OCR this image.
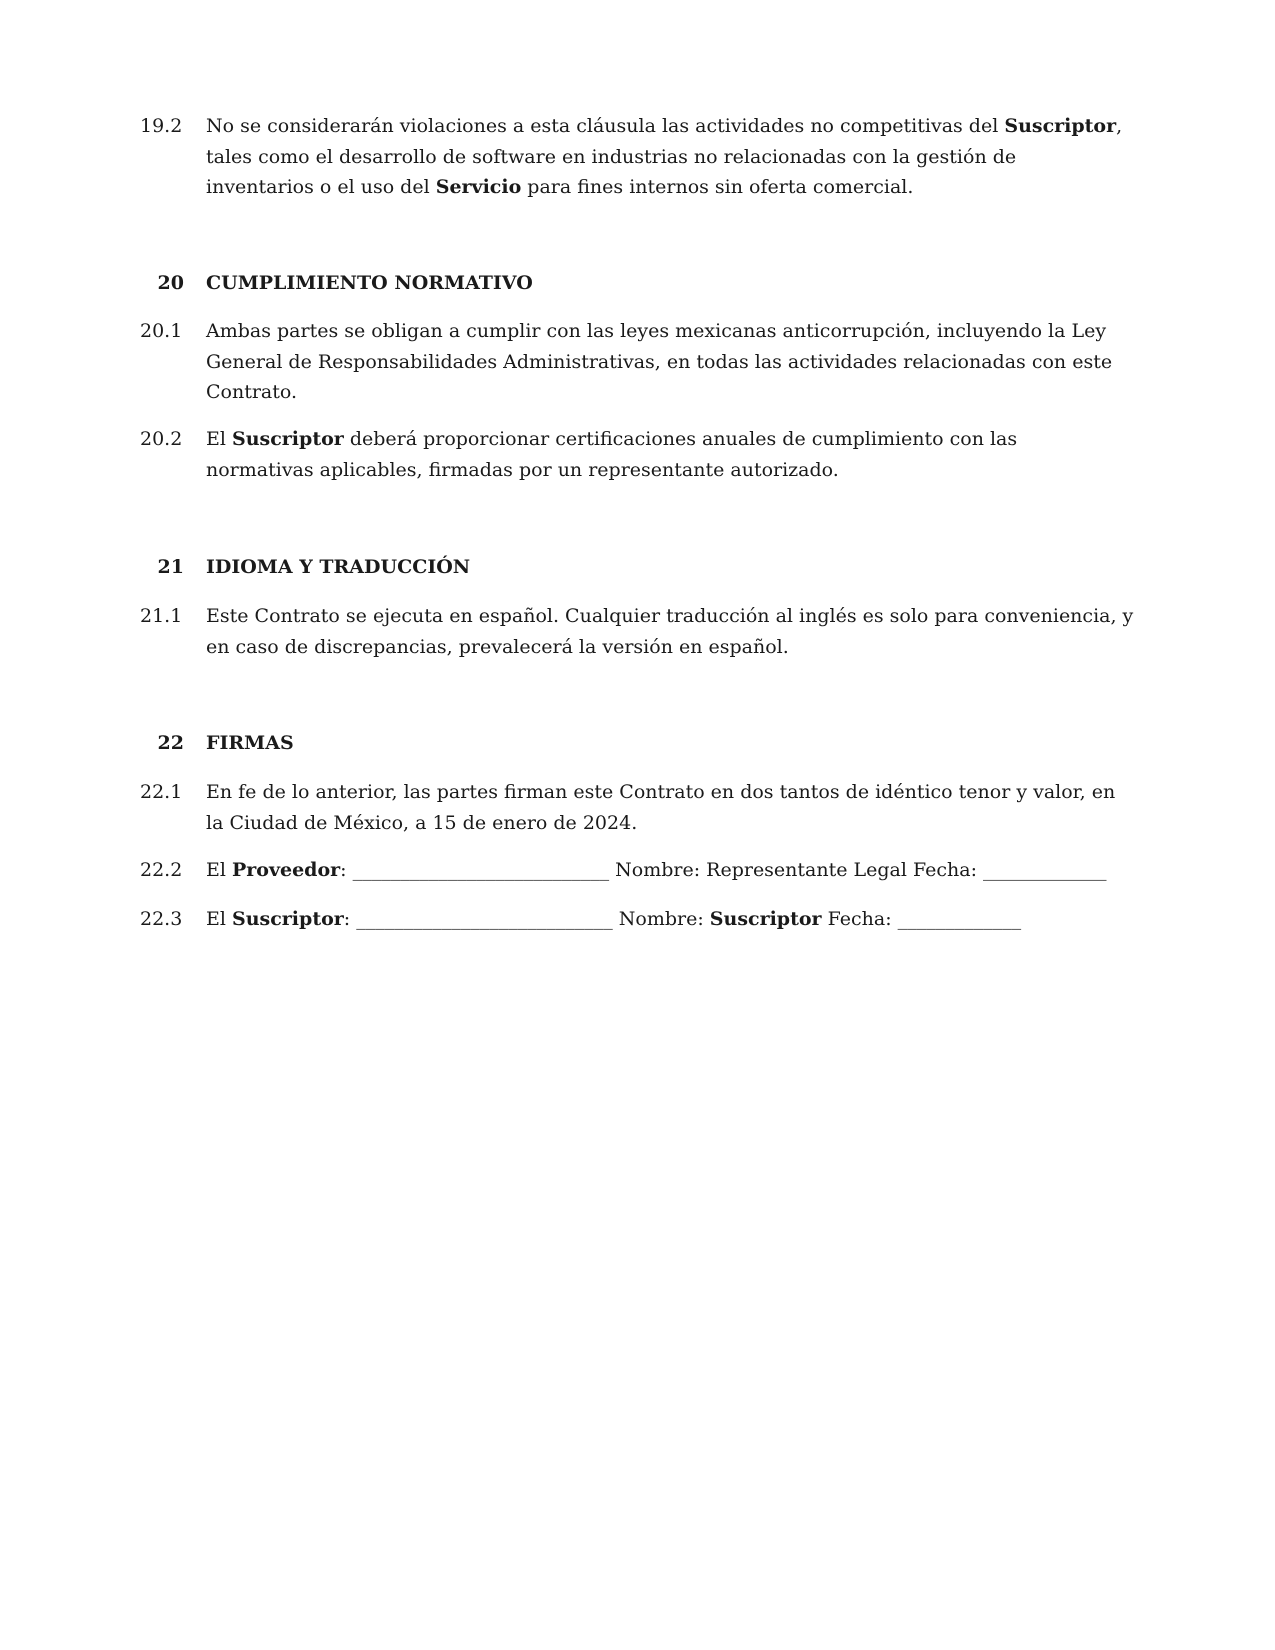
19.2 No se considerarán violaciones a esta cláusula las actividades no competitivas del Suscriptor,
tales como el desarrollo de software en industrias no relacionadas con la gestión de
inventarios o el uso del Servicio para fines internos sin oferta comercial.
20 CUMPLIMIENTO NORMATIVO
20.1 Ambas partes se obligan a cumplir con las leyes mexicanas anticorrupción, incluyendo la Ley
General de Responsabilidades Administrativas, en todas las actividades relacionadas con este
Contrato.
20.2 El Suscriptor deberá proporcionar certificaciones anuales de cumplimiento con las
normativas aplicables, firmadas por un representante autorizado.
21 IDIOMA Y TRADUCCIÓN
21.1 Este Contrato se ejecuta en español. Cualquier traducción al inglés es solo para conveniencia, y
en caso de discrepancias, prevalecerá la versión en español.
22 FIRMAS
22.1 En fe de lo anterior, las partes firman este Contrato en dos tantos de idéntico tenor y valor, en
la Ciudad de México, a 15 de enero de 2024.
22.2 El Proveedor: ___________________________ Nombre: Representante Legal Fecha: _____________
22.3 El Suscriptor: ___________________________ Nombre: Suscriptor Fecha: _____________
